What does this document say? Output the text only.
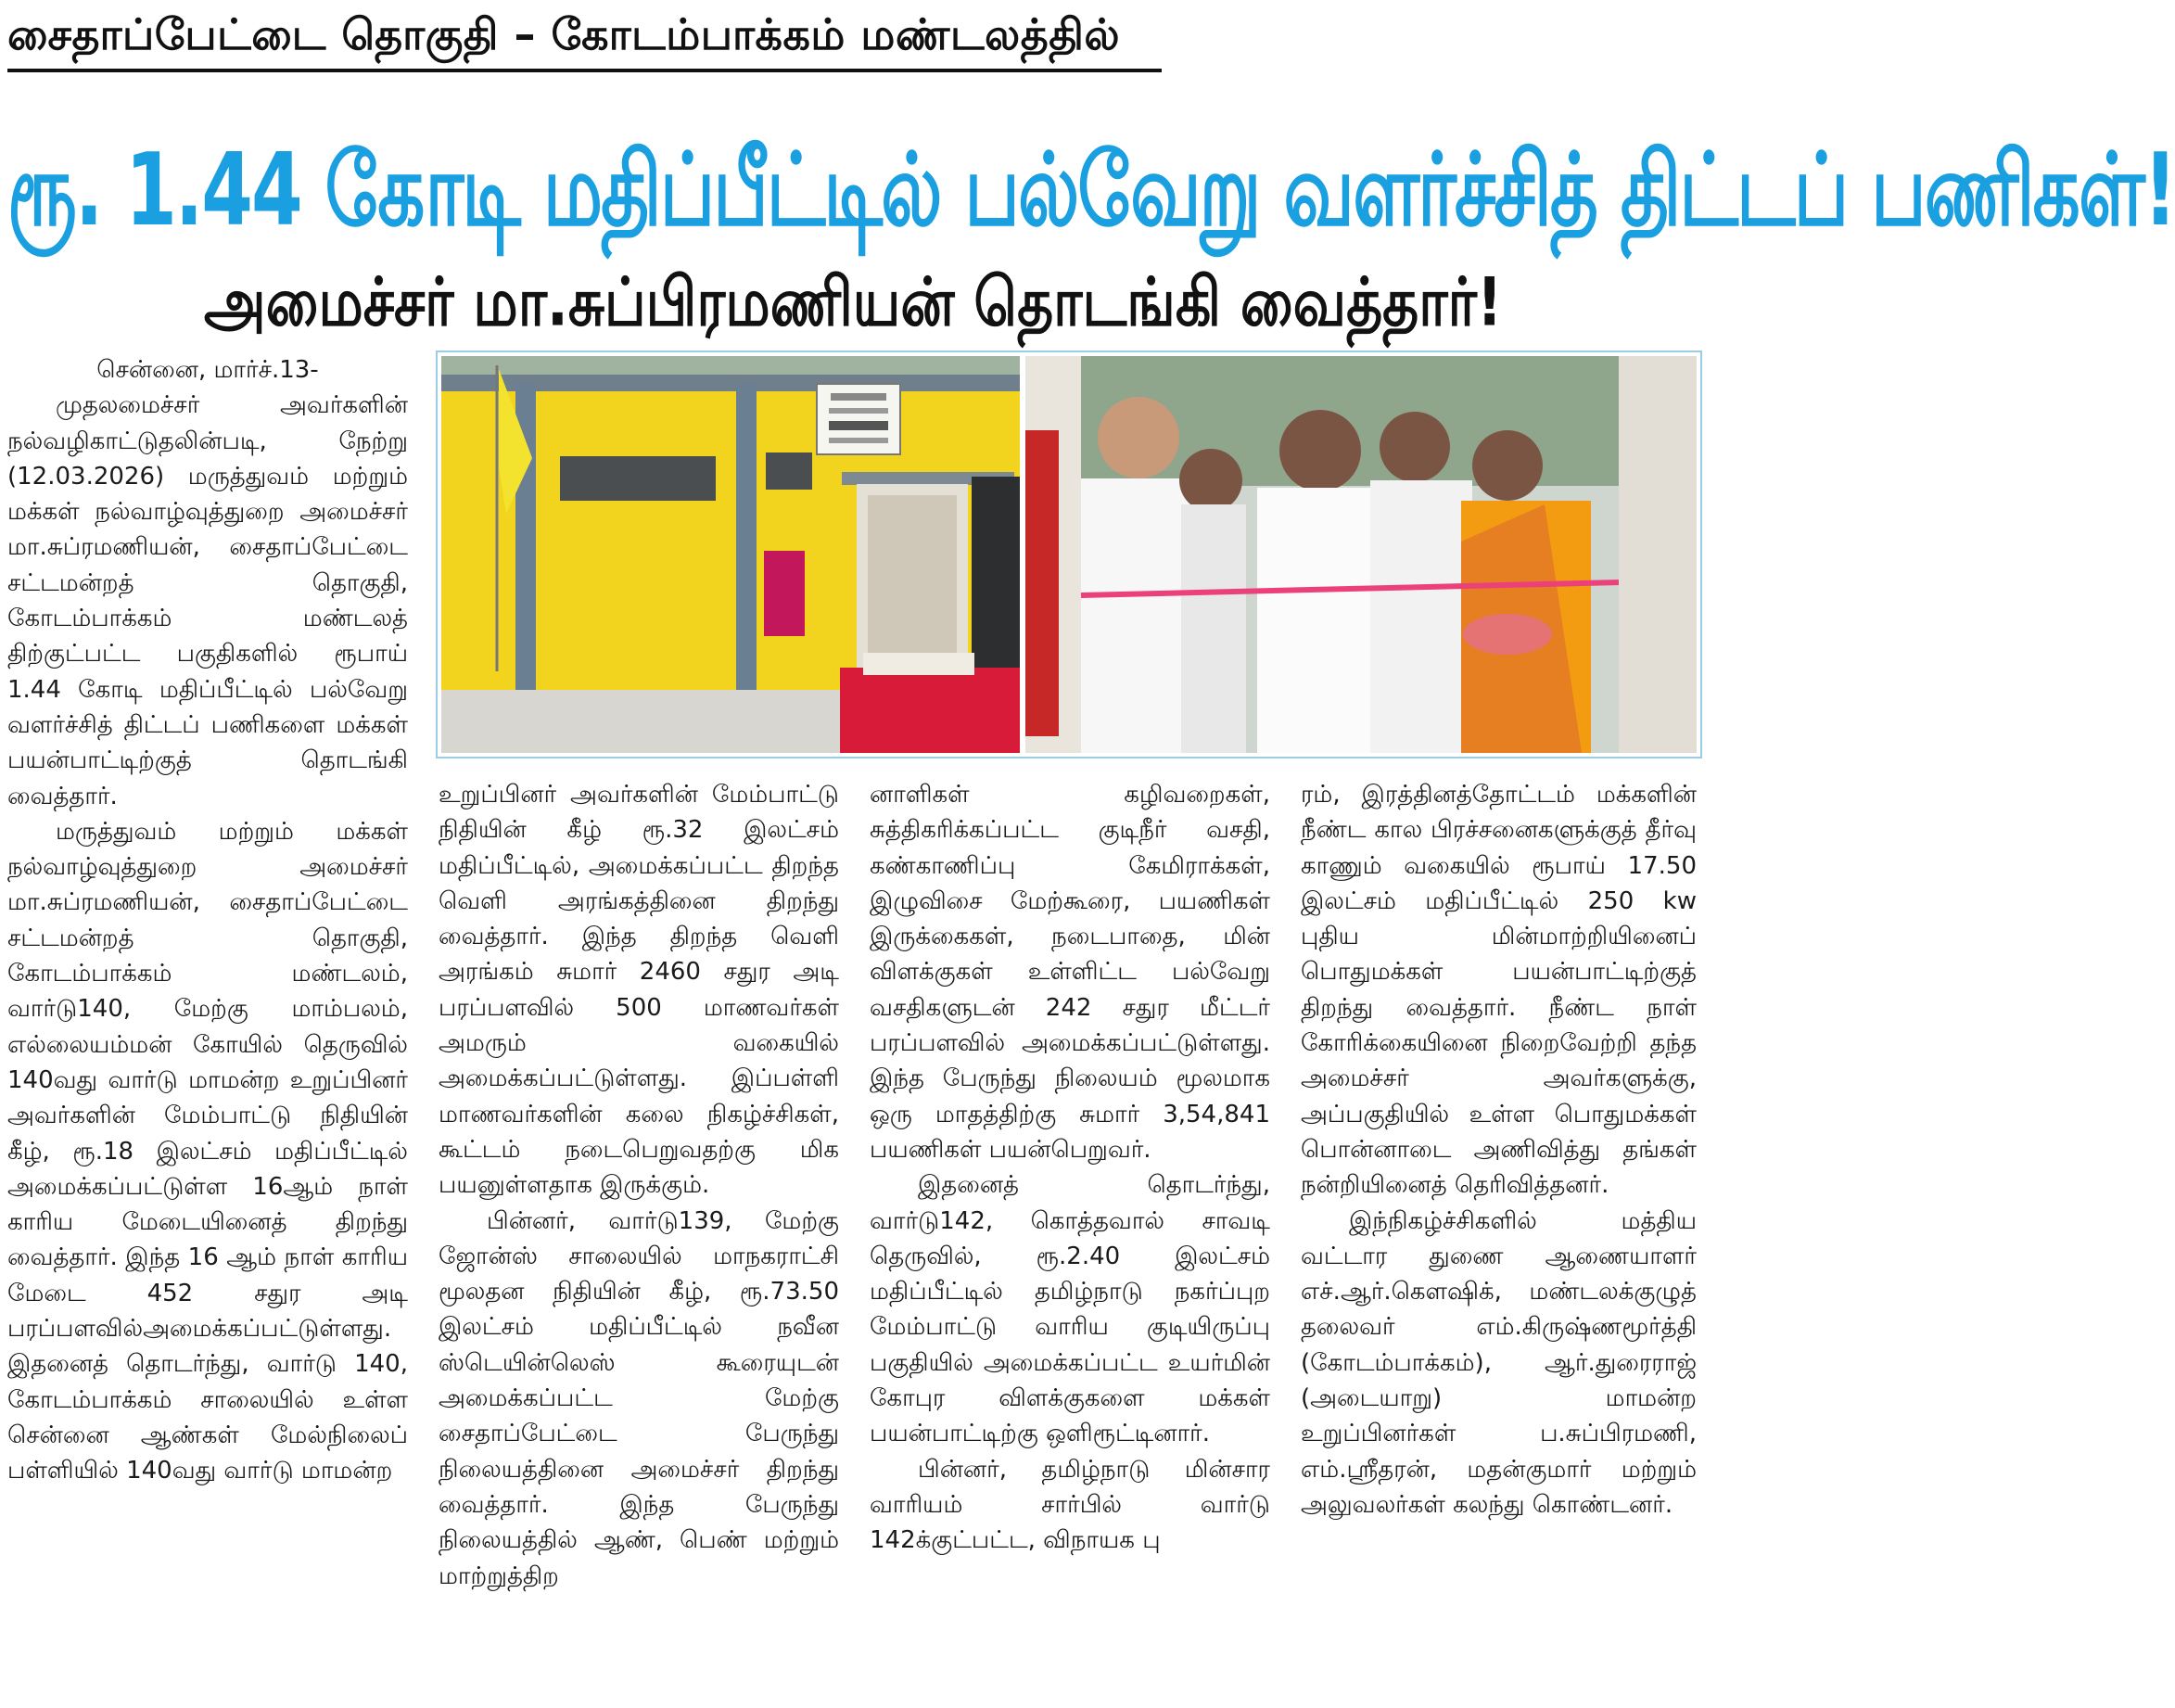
சைதாப்பேட்டை தொகுதி – கோடம்பாக்கம் மண்டலத்தில்
ரூ. 1.44 கோடி மதிப்பீட்டில் பல்வேறு வளர்ச்சித் திட்டப் பணிகள்!
அமைச்சர் மா.சுப்பிரமணியன் தொடங்கி வைத்தார்!

சென்னை, மார்ச்.13-

முதலமைச்சர் அவர்களின் நல்வழிகாட்டுதலின்படி, நேற்று (12.03.2026) மருத்துவம் மற்றும் மக்கள் நல்வாழ்வுத்துறை அமைச்சர் மா.சுப்ரமணியன், சைதாப்பேட்டை சட்டமன்றத் தொகுதி, கோடம்பாக்கம் மண்டலத் திற்குட்பட்ட பகுதிகளில் ரூபாய் 1.44 கோடி மதிப்பீட்டில் பல்வேறு வளர்ச்சித் திட்டப் பணிகளை மக்கள் பயன்பாட்டிற்குத் தொடங்கி வைத்தார்.

மருத்துவம் மற்றும் மக்கள் நல்வாழ்வுத்துறை அமைச்சர் மா.சுப்ரமணியன், சைதாப்பேட்டை சட்டமன்றத் தொகுதி, கோடம்பாக்கம் மண்டலம், வார்டு140, மேற்கு மாம்பலம், எல்லையம்மன் கோயில் தெருவில் 140வது வார்டு மாமன்ற உறுப்பினர் அவர்களின் மேம்பாட்டு நிதியின் கீழ், ரூ.18 இலட்சம் மதிப்பீட்டில் அமைக்கப்பட்டுள்ள 16ஆம் நாள் காரிய மேடையினைத் திறந்து வைத்தார். இந்த 16 ஆம் நாள் காரிய மேடை 452 சதுர அடி பரப்பளவில்அமைக்கப்பட்டுள்ளது. இதனைத் தொடர்ந்து, வார்டு 140, கோடம்பாக்கம் சாலையில் உள்ள சென்னை ஆண்கள் மேல்நிலைப் பள்ளியில் 140வது வார்டு மாமன்ற

உறுப்பினர் அவர்களின் மேம்பாட்டு நிதியின் கீழ் ரூ.32 இலட்சம் மதிப்பீட்டில், அமைக்கப்பட்ட திறந்த வெளி அரங்கத்தினை திறந்து வைத்தார். இந்த திறந்த வெளி அரங்கம் சுமார் 2460 சதுர அடி பரப்பளவில் 500 மாணவர்கள் அமரும் வகையில் அமைக்கப்பட்டுள்ளது. இப்பள்ளி மாணவர்களின் கலை நிகழ்ச்சிகள், கூட்டம் நடைபெறுவதற்கு மிக பயனுள்ளதாக இருக்கும்.

பின்னர், வார்டு139, மேற்கு ஜோன்ஸ் சாலையில் மாநகராட்சி மூலதன நிதியின் கீழ், ரூ.73.50 இலட்சம் மதிப்பீட்டில் நவீன ஸ்டெயின்லெஸ் கூரையுடன் அமைக்கப்பட்ட மேற்கு சைதாப்பேட்டை பேருந்து நிலையத்தினை அமைச்சர் திறந்து வைத்தார். இந்த பேருந்து நிலையத்தில் ஆண், பெண் மற்றும் மாற்றுத்திற

னாளிகள் கழிவறைகள், சுத்திகரிக்கப்பட்ட குடிநீர் வசதி, கண்காணிப்பு கேமிராக்கள், இழுவிசை மேற்கூரை, பயணிகள் இருக்கைகள், நடைபாதை, மின் விளக்குகள் உள்ளிட்ட பல்வேறு வசதிகளுடன் 242 சதுர மீட்டர் பரப்பளவில் அமைக்கப்பட்டுள்ளது. இந்த பேருந்து நிலையம் மூலமாக ஒரு மாதத்திற்கு சுமார் 3,54,841 பயணிகள் பயன்பெறுவர்.

இதனைத் தொடர்ந்து, வார்டு142, கொத்தவால் சாவடி தெருவில், ரூ.2.40 இலட்சம் மதிப்பீட்டில் தமிழ்நாடு நகர்ப்புற மேம்பாட்டு வாரிய குடியிருப்பு பகுதியில் அமைக்கப்பட்ட உயர்மின் கோபுர விளக்குகளை மக்கள் பயன்பாட்டிற்கு ஒளிரூட்டினார்.

பின்னர், தமிழ்நாடு மின்சார வாரியம் சார்பில் வார்டு 142க்குட்பட்ட, விநாயக பு

ரம், இரத்தினத்தோட்டம் மக்களின் நீண்ட கால பிரச்சனைகளுக்குத் தீர்வு காணும் வகையில் ரூபாய் 17.50 இலட்சம் மதிப்பீட்டில் 250 kw புதிய மின்மாற்றியினைப் பொதுமக்கள் பயன்பாட்டிற்குத் திறந்து வைத்தார். நீண்ட நாள் கோரிக்கையினை நிறைவேற்றி தந்த அமைச்சர் அவர்களுக்கு, அப்பகுதியில் உள்ள பொதுமக்கள் பொன்னாடை அணிவித்து தங்கள் நன்றியினைத் தெரிவித்தனர்.

இந்நிகழ்ச்சிகளில் மத்திய வட்டார துணை ஆணையாளர் எச்.ஆர்.கௌஷிக், மண்டலக்குழுத் தலைவர் எம்.கிருஷ்ணமூர்த்தி (கோடம்பாக்கம்), ஆர்.துரைராஜ் (அடையாறு) மாமன்ற உறுப்பினர்கள் ப.சுப்பிரமணி, எம்.ஸ்ரீதரன், மதன்குமார் மற்றும் அலுவலர்கள் கலந்து கொண்டனர்.
